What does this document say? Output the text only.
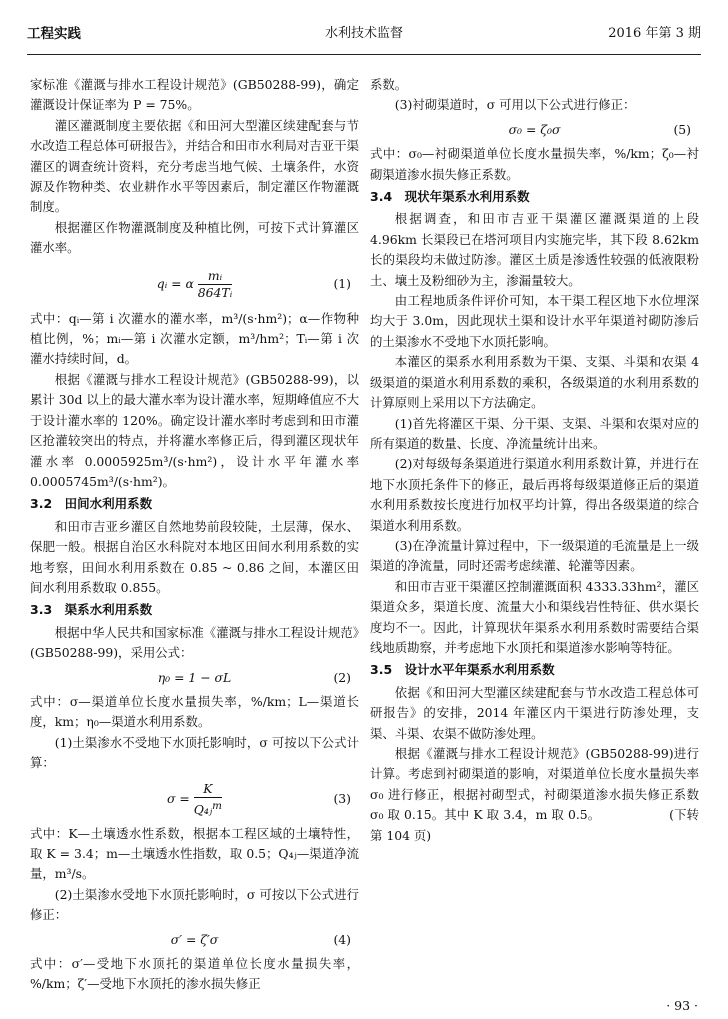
工程实践	水利技术监督	2016 年第 3 期

家标准《灌溉与排水工程设计规范》(GB50288-99)，确定灌溉设计保证率为 P = 75%。

灌区灌溉制度主要依据《和田河大型灌区续建配套与节水改造工程总体可研报告》，并结合和田市水利局对吉亚干渠灌区的调查统计资料，充分考虑当地气候、土壤条件，水资源及作物种类、农业耕作水平等因素后，制定灌区作物灌溉制度。

根据灌区作物灌溉制度及种植比例，可按下式计算灌区灌水率。

qᵢ = α $\frac{\text{mᵢ}}{\text{864Tᵢ}}$	(1)

式中：qᵢ—第 i 次灌水的灌水率，m³/(s·hm²)；α—作物种植比例，%；mᵢ—第 i 次灌水定额，m³/hm²；Tᵢ—第 i 次灌水持续时间，d。

根据《灌溉与排水工程设计规范》(GB50288-99)，以累计 30d 以上的最大灌水率为设计灌水率，短期峰值应不大于设计灌水率的 120%。确定设计灌水率时考虑到和田市灌区抢灌较突出的特点，并将灌水率修正后，得到灌区现状年灌水率 0.0005925m³/(s·hm²)，设计水平年灌水率 0.0005745m³/(s·hm²)。

3.2　田间水利用系数

和田市吉亚乡灌区自然地势前段较陡，土层薄，保水、保肥一般。根据自治区水科院对本地区田间水利用系数的实地考察，田间水利用系数在 0.85 ~ 0.86 之间，本灌区田间水利用系数取 0.855。

3.3　渠系水利用系数

根据中华人民共和国家标准《灌溉与排水工程设计规范》(GB50288-99)，采用公式：

η₀ = 1 − σL	(2)

式中：σ—渠道单位长度水量损失率，%/km；L—渠道长度，km；η₀—渠道水利用系数。

(1)土渠渗水不受地下水顶托影响时，σ 可按以下公式计算：

$\sigma = \frac{K}{Q_4ⱼ^m}$	(3)

式中：K—土壤透水性系数，根据本工程区域的土壤特性，取 K = 3.4；m—土壤透水性指数，取 0.5；Q₄ⱼ—渠道净流量，m³/s。

(2)土渠渗水受地下水顶托影响时，σ 可按以下公式进行修正：

σ′ = ζ′σ	(4)

式中：σ′—受地下水顶托的渠道单位长度水量损失率，%/km；ζ′—受地下水顶托的渗水损失修正

系数。

(3)衬砌渠道时，σ 可用以下公式进行修正：

σ₀ = ζ₀σ	(5)

式中：σ₀—衬砌渠道单位长度水量损失率，%/km；ζ₀—衬砌渠道渗水损失修正系数。

3.4　现状年渠系水利用系数

根据调查，和田市吉亚干渠灌区灌溉渠道的上段 4.96km 长渠段已在塔河项目内实施完毕，其下段 8.62km 长的渠段均未做过防渗。灌区土质是渗透性较强的低液限粉土、壤土及粉细砂为主，渗漏量较大。

由工程地质条件评价可知，本干渠工程区地下水位埋深均大于 3.0m，因此现状土渠和设计水平年渠道衬砌防渗后的土渠渗水不受地下水顶托影响。

本灌区的渠系水利用系数为干渠、支渠、斗渠和农渠 4 级渠道的渠道水利用系数的乘积，各级渠道的水利用系数的计算原则上采用以下方法确定。

(1)首先将灌区干渠、分干渠、支渠、斗渠和农渠对应的所有渠道的数量、长度、净流量统计出来。

(2)对每级每条渠道进行渠道水利用系数计算，并进行在地下水顶托条件下的修正，最后再将每级渠道修正后的渠道水利用系数按长度进行加权平均计算，得出各级渠道的综合渠道水利用系数。

(3)在净流量计算过程中，下一级渠道的毛流量是上一级渠道的净流量，同时还需考虑续灌、轮灌等因素。

和田市吉亚干渠灌区控制灌溉面积 4333.33hm²，灌区渠道众多，渠道长度、流量大小和渠线岩性特征、供水渠长度均不一。因此，计算现状年渠系水利用系数时需要结合渠线地质勘察，并考虑地下水顶托和渠道渗水影响等特征。

3.5　设计水平年渠系水利用系数

依据《和田河大型灌区续建配套与节水改造工程总体可研报告》的安排，2014 年灌区内干渠进行防渗处理，支渠、斗渠、农渠不做防渗处理。

根据《灌溉与排水工程设计规范》(GB50288-99)进行计算。考虑到衬砌渠道的影响，对渠道单位长度水量损失率 σ₀ 进行修正，根据衬砌型式，衬砌渠道渗水损失修正系数 σ₀ 取 0.15。其中 K 取 3.4，m 取 0.5。　　　　　　(下转第 104 页)

· 93 ·
